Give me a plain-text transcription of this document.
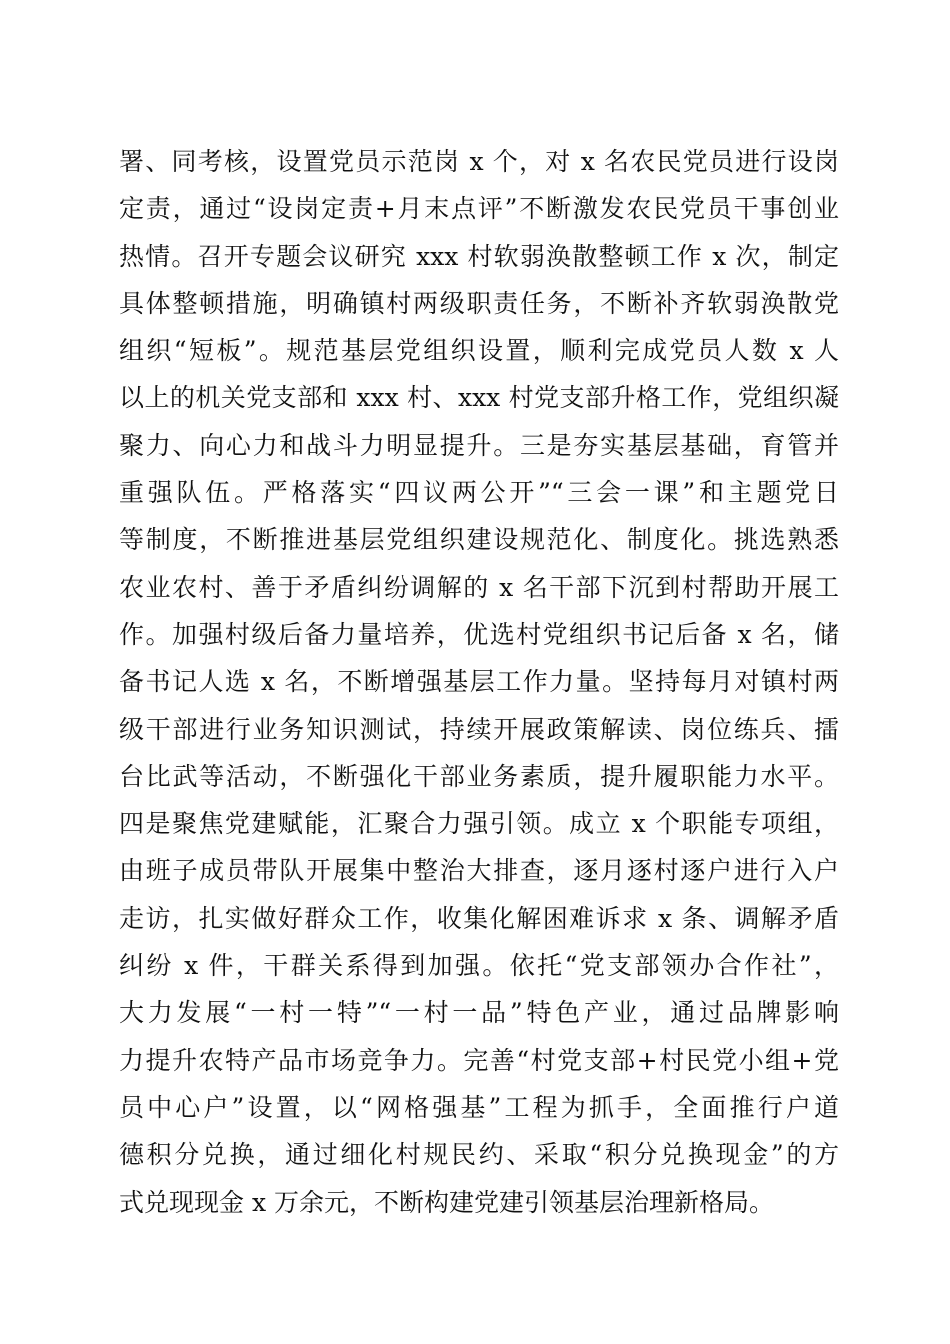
署、同考核，设置党员示范岗 x 个，对 x 名农民党员进行设岗
定责，通过“设岗定责+月末点评”不断激发农民党员干事创业
热情。召开专题会议研究 xxx 村软弱涣散整顿工作 x 次，制定
具体整顿措施，明确镇村两级职责任务，不断补齐软弱涣散党
组织“短板”。规范基层党组织设置，顺利完成党员人数 x 人
以上的机关党支部和 xxx 村、xxx 村党支部升格工作，党组织凝
聚力、向心力和战斗力明显提升。三是夯实基层基础，育管并
重强队伍。严格落实“四议两公开”“三会一课”和主题党日
等制度，不断推进基层党组织建设规范化、制度化。挑选熟悉
农业农村、善于矛盾纠纷调解的 x 名干部下沉到村帮助开展工
作。加强村级后备力量培养，优选村党组织书记后备 x 名，储
备书记人选 x 名，不断增强基层工作力量。坚持每月对镇村两
级干部进行业务知识测试，持续开展政策解读、岗位练兵、擂
台比武等活动，不断强化干部业务素质，提升履职能力水平。
四是聚焦党建赋能，汇聚合力强引领。成立 x 个职能专项组，
由班子成员带队开展集中整治大排查，逐月逐村逐户进行入户
走访，扎实做好群众工作，收集化解困难诉求 x 条、调解矛盾
纠纷 x 件，干群关系得到加强。依托“党支部领办合作社”，
大力发展“一村一特”“一村一品”特色产业，通过品牌影响
力提升农特产品市场竞争力。完善“村党支部+村民党小组+党
员中心户”设置，以“网格强基”工程为抓手，全面推行户道
德积分兑换，通过细化村规民约、采取“积分兑换现金”的方
式兑现现金 x 万余元，不断构建党建引领基层治理新格局。
